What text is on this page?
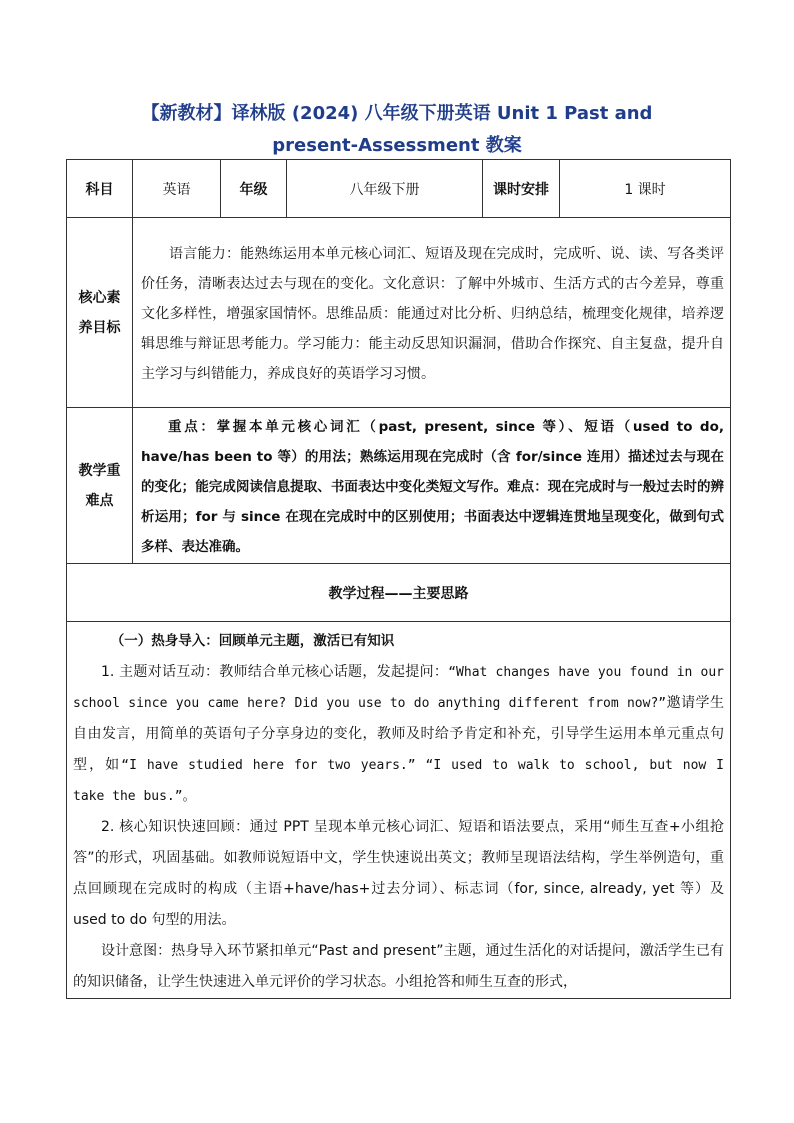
【新教材】译林版 (2024) 八年级下册英语 Unit 1 Past and
present-Assessment 教案
科目	英语	年级	八年级下册	课时安排	1 课时

核心素
养目标	语言能力：能熟练运用本单元核心词汇、短语及现在完成时，完成听、说、读、写各类评价任务，清晰表达过去与现在的变化。文化意识：了解中外城市、生活方式的古今差异，尊重文化多样性，增强家国情怀。思维品质：能通过对比分析、归纳总结，梳理变化规律，培养逻辑思维与辩证思考能力。学习能力：能主动反思知识漏洞，借助合作探究、自主复盘，提升自主学习与纠错能力，养成良好的英语学习习惯。				

教学重
难点	重点：掌握本单元核心词汇（past, present, since 等）、短语（used to do, have/has been to 等）的用法；熟练运用现在完成时（含 for/since 连用）描述过去与现在的变化；能完成阅读信息提取、书面表达中变化类短文写作。难点：现在完成时与一般过去时的辨析运用；for 与 since 在现在完成时中的区别使用；书面表达中逻辑连贯地呈现变化，做到句式多样、表达准确。				

教学过程——主要思路					

（一）热身导入：回顾单元主题，激活已有知识

1. 主题对话互动：教师结合单元核心话题，发起提问：“What changes have you found in our school since you came here? Did you use to do anything different from now?”邀请学生自由发言，用简单的英语句子分享身边的变化，教师及时给予肯定和补充，引导学生运用本单元重点句型，如“I have studied here for two years.” “I used to walk to school, but now I take the bus.”。

2. 核心知识快速回顾：通过 PPT 呈现本单元核心词汇、短语和语法要点，采用“师生互查+小组抢答”的形式，巩固基础。如教师说短语中文，学生快速说出英文；教师呈现语法结构，学生举例造句，重点回顾现在完成时的构成（主语+have/has+过去分词）、标志词（for, since, already, yet 等）及 used to do 句型的用法。

设计意图：热身导入环节紧扣单元“Past and present”主题，通过生活化的对话提问，激活学生已有的知识储备，让学生快速进入单元评价的学习状态。小组抢答和师生互查的形式，					
